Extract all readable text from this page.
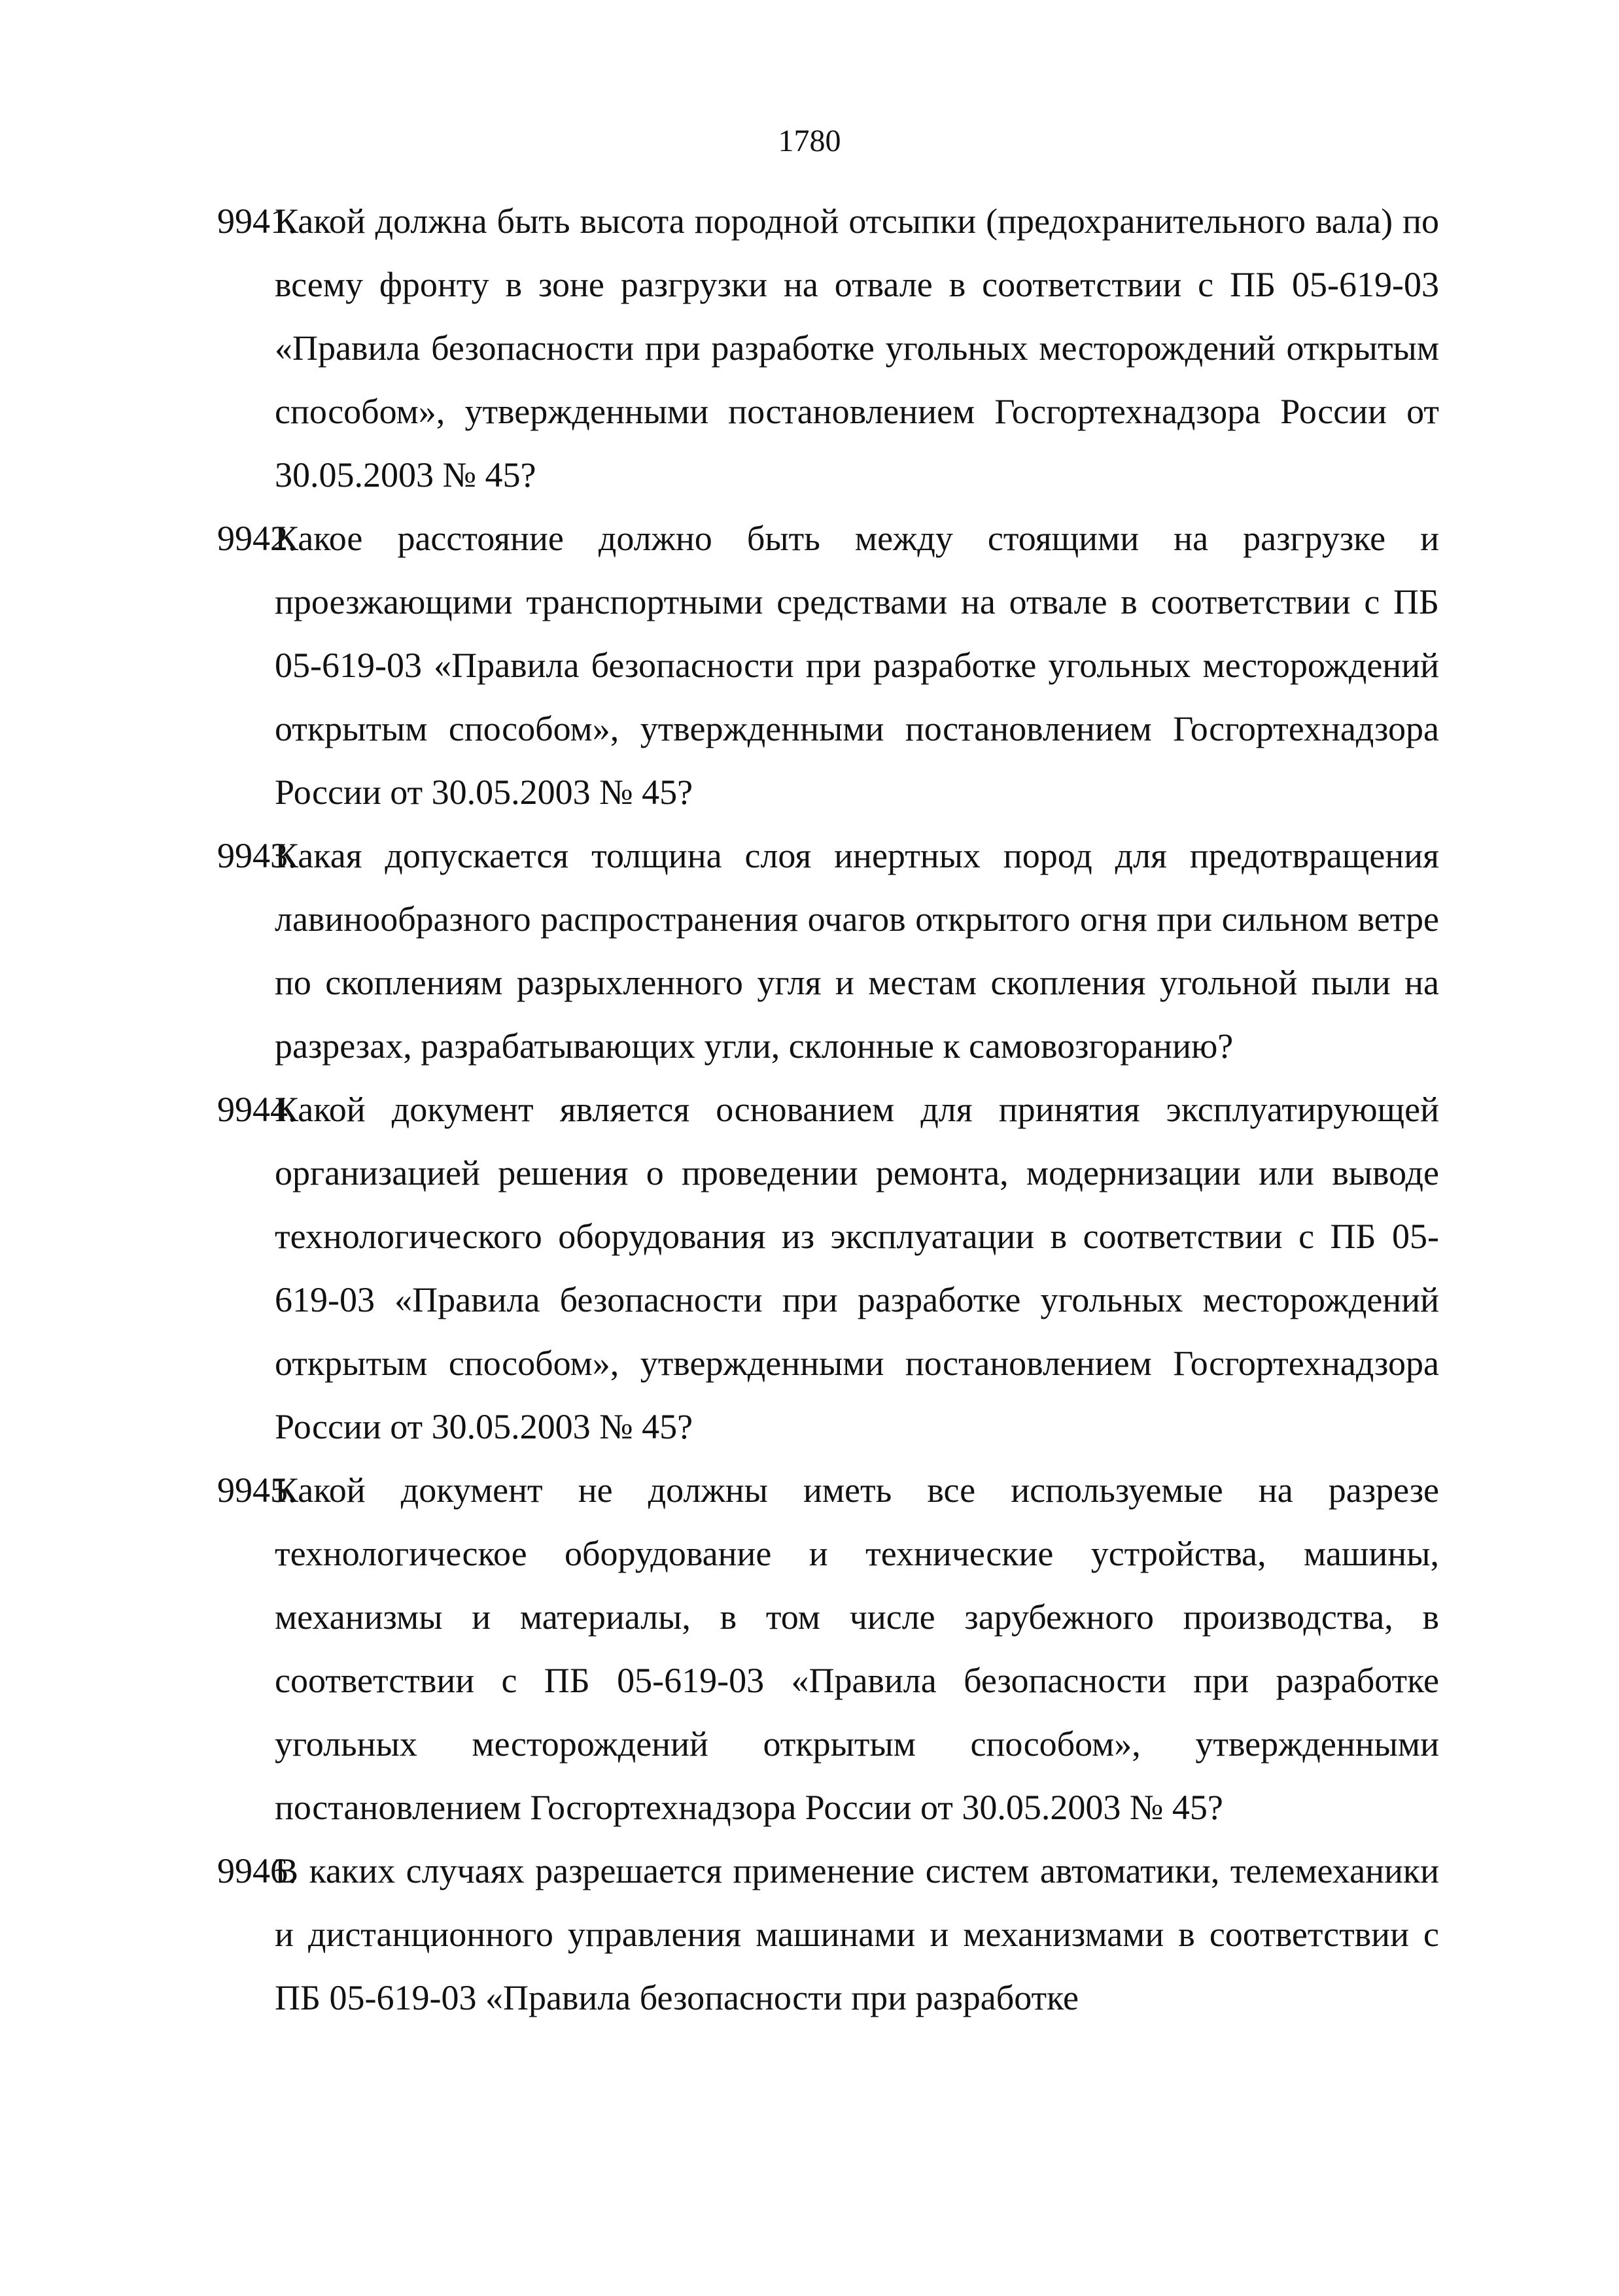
1780
9941.
Какой должна быть высота породной отсыпки (предохранительного вала) по всему фронту в зоне разгрузки на отвале в соответствии с ПБ 05-619-03 «Правила безопасности при разработке угольных месторождений открытым способом», утвержденными постановлением Госгортехнадзора России от 30.05.2003 № 45?
9942.
Какое расстояние должно быть между стоящими на разгрузке и проезжающими транспортными средствами на отвале в соответствии с ПБ 05-619-03 «Правила безопасности при разработке угольных месторождений открытым способом», утвержденными постановлением Госгортехнадзора России от 30.05.2003 № 45?
9943.
Какая допускается толщина слоя инертных пород для предотвращения лавинообразного распространения очагов открытого огня при сильном ветре по скоплениям разрыхленного угля и местам скопления угольной пыли на разрезах, разрабатывающих угли, склонные к самовозгоранию?
9944.
Какой документ является основанием для принятия эксплуатирующей организацией решения о проведении ремонта, модернизации или выводе технологического оборудования из эксплуатации в соответствии с ПБ 05-619-03 «Правила безопасности при разработке угольных месторождений открытым способом», утвержденными постановлением Госгортехнадзора России от 30.05.2003 № 45?
9945.
Какой документ не должны иметь все используемые на разрезе технологическое оборудование и технические устройства, машины, механизмы и материалы, в том числе зарубежного производства, в соответствии с ПБ 05-619-03 «Правила безопасности при разработке угольных месторождений открытым способом», утвержденными постановлением Госгортехнадзора России от 30.05.2003 № 45?
9946.
В каких случаях разрешается применение систем автоматики, телемеханики и дистанционного управления машинами и механизмами в соответствии с ПБ 05-619-03 «Правила безопасности при разработке
